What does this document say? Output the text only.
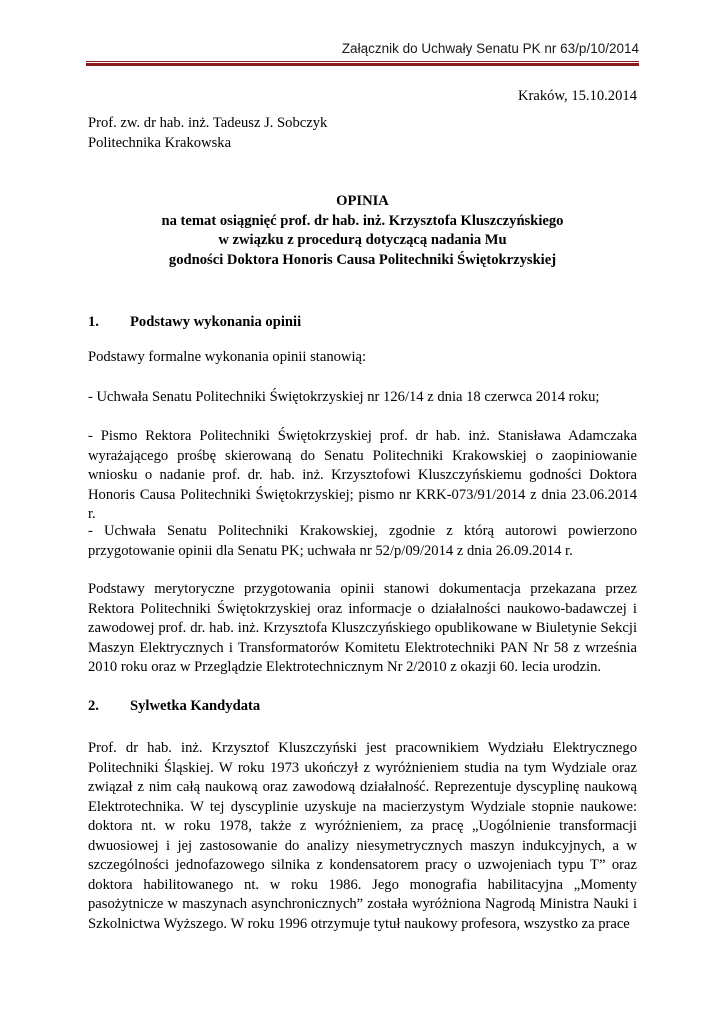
Załącznik do Uchwały Senatu PK nr 63/p/10/2014
Kraków, 15.10.2014
Prof. zw. dr hab. inż. Tadeusz J. Sobczyk
Politechnika Krakowska
OPINIA
na temat osiągnięć prof. dr hab. inż. Krzysztofa Kluszczyńskiego
w związku z procedurą dotyczącą nadania Mu
godności Doktora Honoris Causa Politechniki Świętokrzyskiej
1. Podstawy wykonania opinii
Podstawy formalne wykonania opinii stanowią:
- Uchwała Senatu Politechniki Świętokrzyskiej nr 126/14 z dnia 18 czerwca 2014 roku;
- Pismo Rektora Politechniki Świętokrzyskiej prof. dr hab. inż. Stanisława Adamczaka wyrażającego prośbę skierowaną do Senatu Politechniki Krakowskiej o zaopiniowanie wniosku o nadanie prof. dr. hab. inż. Krzysztofowi Kluszczyńskiemu godności Doktora Honoris Causa Politechniki Świętokrzyskiej; pismo nr KRK-073/91/2014 z dnia 23.06.2014 r.
- Uchwała Senatu Politechniki Krakowskiej, zgodnie z którą autorowi powierzono przygotowanie opinii dla Senatu PK; uchwała nr 52/p/09/2014 z dnia 26.09.2014 r.
Podstawy merytoryczne przygotowania opinii stanowi dokumentacja przekazana przez Rektora Politechniki Świętokrzyskiej oraz informacje o działalności naukowo-badawczej i zawodowej prof. dr. hab. inż. Krzysztofa Kluszczyńskiego opublikowane w Biuletynie Sekcji Maszyn Elektrycznych i Transformatorów Komitetu Elektrotechniki PAN Nr 58 z września 2010 roku oraz w Przeglądzie Elektrotechnicznym Nr 2/2010 z okazji 60. lecia urodzin.
2. Sylwetka Kandydata
Prof. dr hab. inż. Krzysztof Kluszczyński jest pracownikiem Wydziału Elektrycznego Politechniki Śląskiej. W roku 1973 ukończył z wyróżnieniem studia na tym Wydziale oraz związał z nim całą naukową oraz zawodową działalność. Reprezentuje dyscyplinę naukową Elektrotechnika. W tej dyscyplinie uzyskuje na macierzystym Wydziale stopnie naukowe: doktora nt. w roku 1978, także z wyróżnieniem, za pracę „Uogólnienie transformacji dwuosiowej i jej zastosowanie do analizy niesymetrycznych maszyn indukcyjnych, a w szczególności jednofazowego silnika z kondensatorem pracy o uzwojeniach typu T” oraz doktora habilitowanego nt. w roku 1986. Jego monografia habilitacyjna „Momenty pasożytnicze w maszynach asynchronicznych” została wyróżniona Nagrodą Ministra Nauki i Szkolnictwa Wyższego. W roku 1996 otrzymuje tytuł naukowy profesora, wszystko za prace
